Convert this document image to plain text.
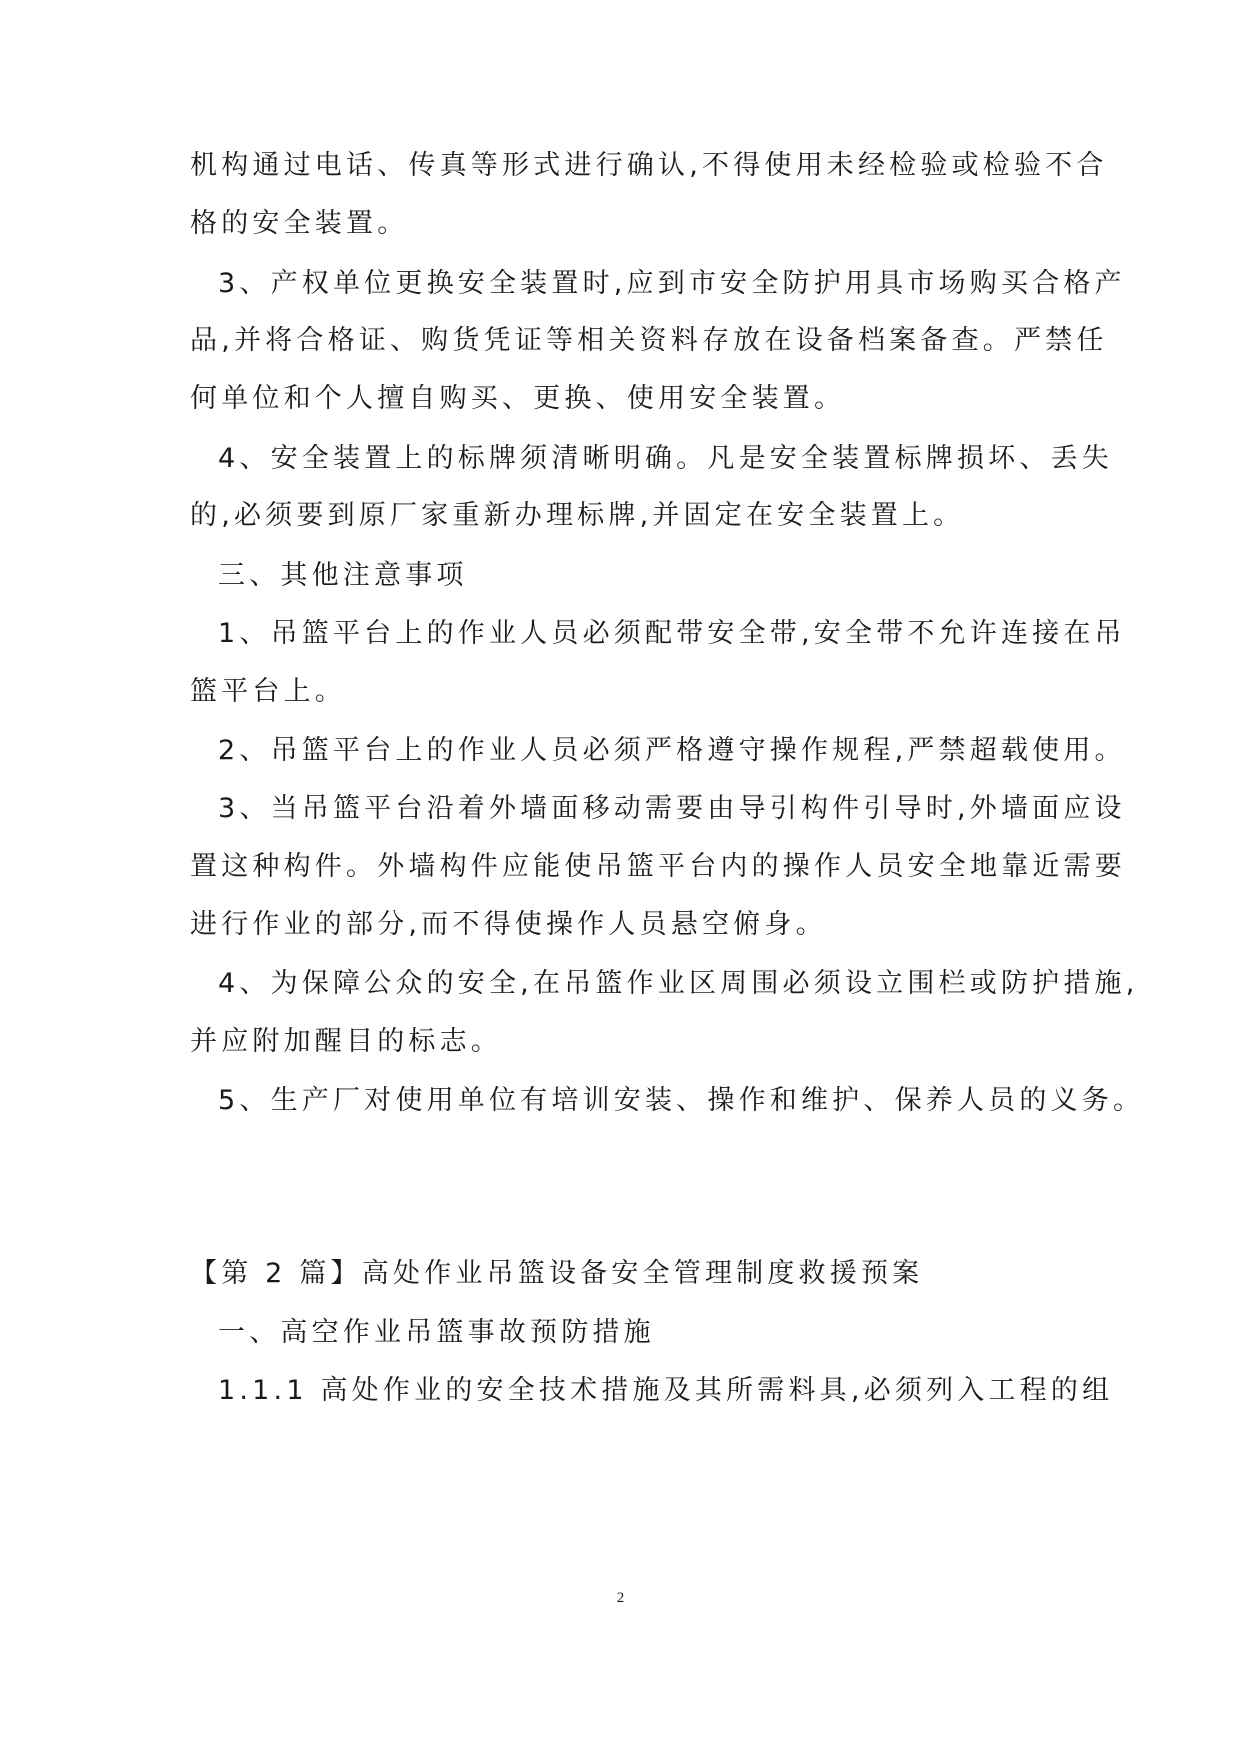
机构通过电话、传真等形式进行确认,不得使用未经检验或检验不合
格的安全装置。
3、产权单位更换安全装置时,应到市安全防护用具市场购买合格产
品,并将合格证、购货凭证等相关资料存放在设备档案备查。严禁任
何单位和个人擅自购买、更换、使用安全装置。
4、安全装置上的标牌须清晰明确。凡是安全装置标牌损坏、丢失
的,必须要到原厂家重新办理标牌,并固定在安全装置上。
三、其他注意事项
1、吊篮平台上的作业人员必须配带安全带,安全带不允许连接在吊
篮平台上。
2、吊篮平台上的作业人员必须严格遵守操作规程,严禁超载使用。
3、当吊篮平台沿着外墙面移动需要由导引构件引导时,外墙面应设
置这种构件。外墙构件应能使吊篮平台内的操作人员安全地靠近需要
进行作业的部分,而不得使操作人员悬空俯身。
4、为保障公众的安全,在吊篮作业区周围必须设立围栏或防护措施,
并应附加醒目的标志。
5、生产厂对使用单位有培训安装、操作和维护、保养人员的义务。
【第 2 篇】高处作业吊篮设备安全管理制度救援预案
一、高空作业吊篮事故预防措施
1.1.1 高处作业的安全技术措施及其所需料具,必须列入工程的组
2
